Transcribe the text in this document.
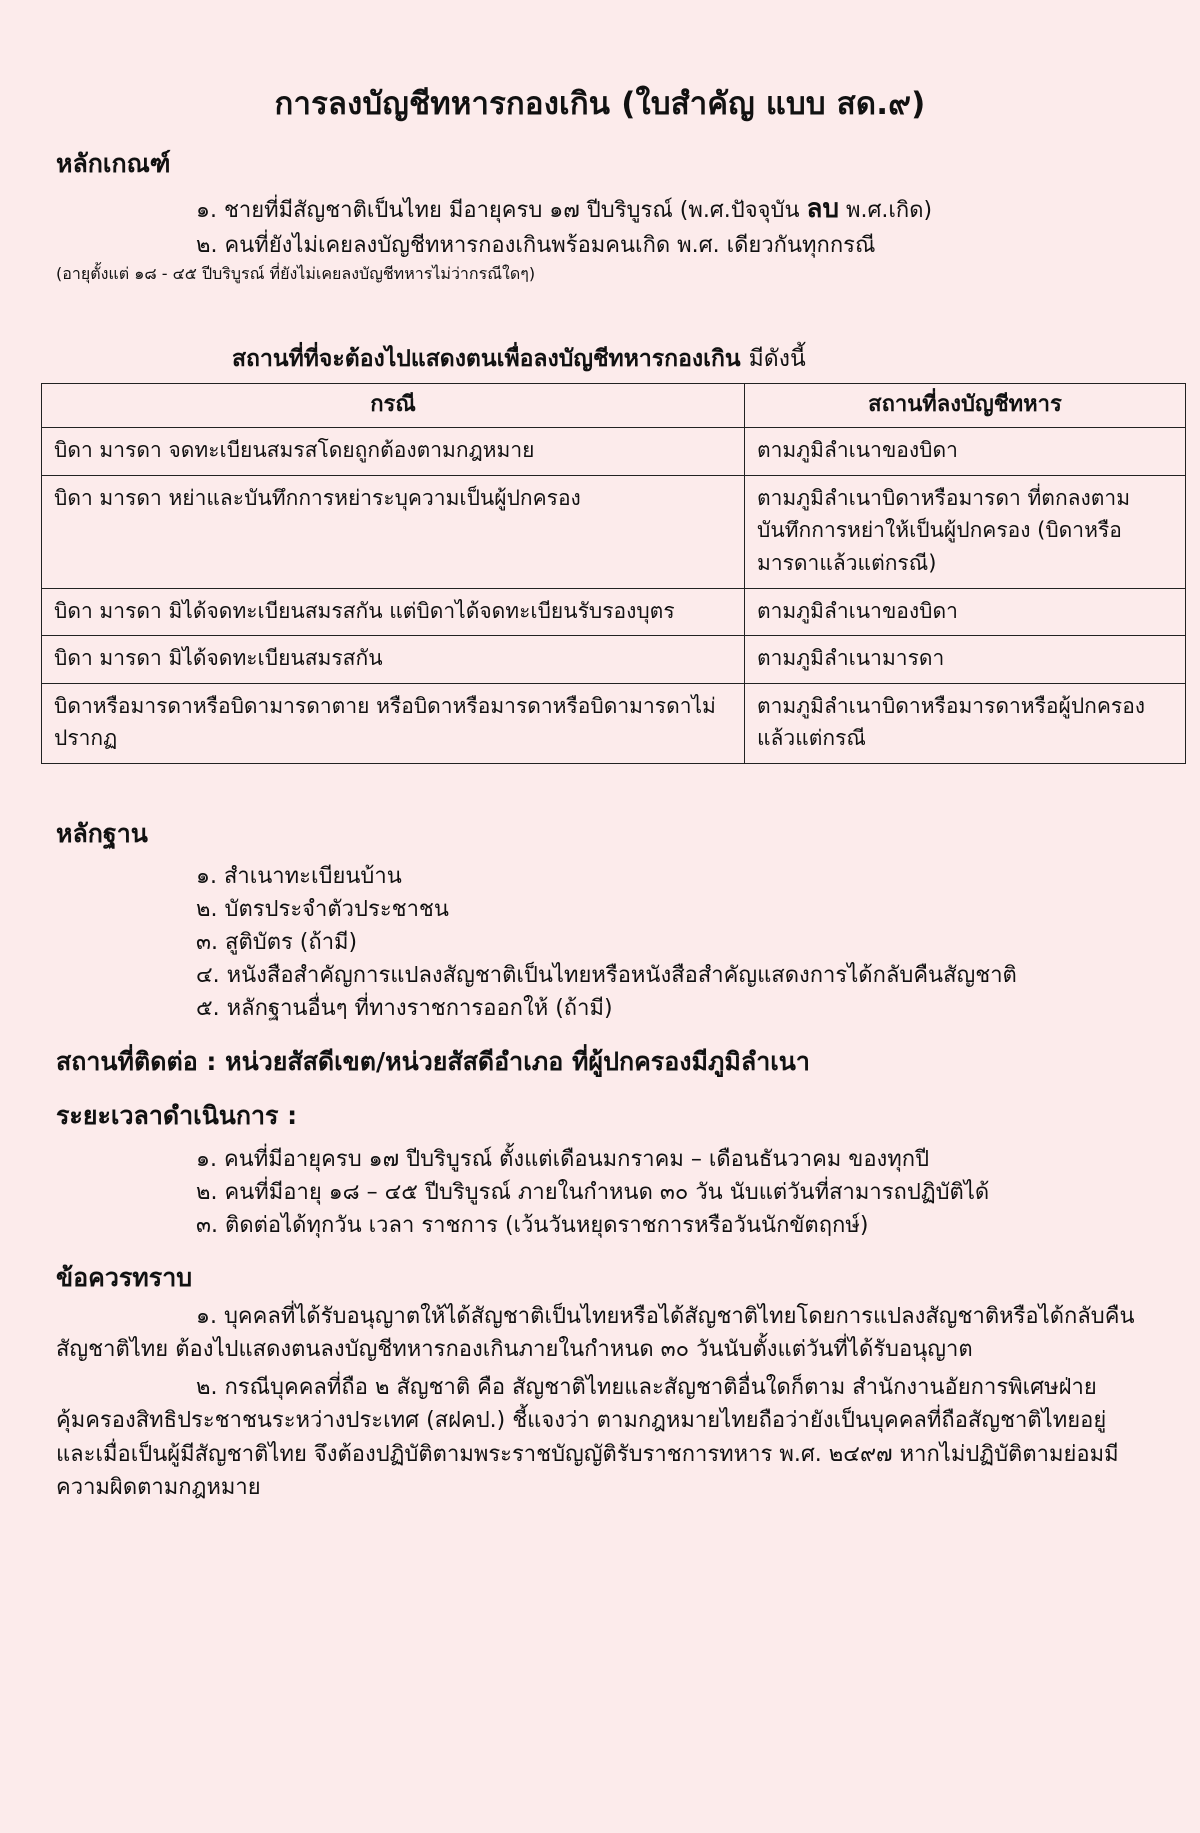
การลงบัญชีทหารกองเกิน (ใบสำคัญ แบบ สด.๙)
หลักเกณฑ์
๑. ชายที่มีสัญชาติเป็นไทย มีอายุครบ ๑๗ ปีบริบูรณ์ (พ.ศ.ปัจจุบัน ลบ พ.ศ.เกิด)
๒. คนที่ยังไม่เคยลงบัญชีทหารกองเกินพร้อมคนเกิด พ.ศ. เดียวกันทุกกรณี
(อายุตั้งแต่ ๑๘ - ๔๕ ปีบริบูรณ์ ที่ยังไม่เคยลงบัญชีทหารไม่ว่ากรณีใดๆ)
สถานที่ที่จะต้องไปแสดงตนเพื่อลงบัญชีทหารกองเกิน มีดังนี้
กรณี	สถานที่ลงบัญชีทหาร
บิดา มารดา จดทะเบียนสมรสโดยถูกต้องตามกฎหมาย	ตามภูมิลำเนาของบิดา
บิดา มารดา หย่าและบันทึกการหย่าระบุความเป็นผู้ปกครอง	ตามภูมิลำเนาบิดาหรือมารดา ที่ตกลงตามบันทึกการหย่าให้เป็นผู้ปกครอง (บิดาหรือมารดาแล้วแต่กรณี)
บิดา มารดา มิได้จดทะเบียนสมรสกัน แต่บิดาได้จดทะเบียนรับรองบุตร	ตามภูมิลำเนาของบิดา
บิดา มารดา มิได้จดทะเบียนสมรสกัน	ตามภูมิลำเนามารดา
บิดาหรือมารดาหรือบิดามารดาตาย หรือบิดาหรือมารดาหรือบิดามารดาไม่ปรากฏ	ตามภูมิลำเนาบิดาหรือมารดาหรือผู้ปกครองแล้วแต่กรณี
หลักฐาน
๑. สำเนาทะเบียนบ้าน
๒. บัตรประจำตัวประชาชน
๓. สูติบัตร (ถ้ามี)
๔. หนังสือสำคัญการแปลงสัญชาติเป็นไทยหรือหนังสือสำคัญแสดงการได้กลับคืนสัญชาติ
๕. หลักฐานอื่นๆ ที่ทางราชการออกให้ (ถ้ามี)
สถานที่ติดต่อ : หน่วยสัสดีเขต/หน่วยสัสดีอำเภอ ที่ผู้ปกครองมีภูมิลำเนา
ระยะเวลาดำเนินการ :
๑. คนที่มีอายุครบ ๑๗ ปีบริบูรณ์ ตั้งแต่เดือนมกราคม – เดือนธันวาคม ของทุกปี
๒. คนที่มีอายุ ๑๘ – ๔๕ ปีบริบูรณ์ ภายในกำหนด ๓๐ วัน นับแต่วันที่สามารถปฏิบัติได้
๓. ติดต่อได้ทุกวัน เวลา ราชการ (เว้นวันหยุดราชการหรือวันนักขัตฤกษ์)
ข้อควรทราบ

๑. บุคคลที่ได้รับอนุญาตให้ได้สัญชาติเป็นไทยหรือได้สัญชาติไทยโดยการแปลงสัญชาติหรือได้กลับคืนสัญชาติไทย ต้องไปแสดงตนลงบัญชีทหารกองเกินภายในกำหนด ๓๐ วันนับตั้งแต่วันที่ได้รับอนุญาต

๒. กรณีบุคคลที่ถือ ๒ สัญชาติ คือ สัญชาติไทยและสัญชาติอื่นใดก็ตาม สำนักงานอัยการพิเศษฝ่ายคุ้มครองสิทธิประชาชนระหว่างประเทศ (สฝคป.) ชี้แจงว่า ตามกฎหมายไทยถือว่ายังเป็นบุคคลที่ถือสัญชาติไทยอยู่ และเมื่อเป็นผู้มีสัญชาติไทย จึงต้องปฏิบัติตามพระราชบัญญัติรับราชการทหาร พ.ศ. ๒๔๙๗ หากไม่ปฏิบัติตามย่อมมีความผิดตามกฎหมาย
